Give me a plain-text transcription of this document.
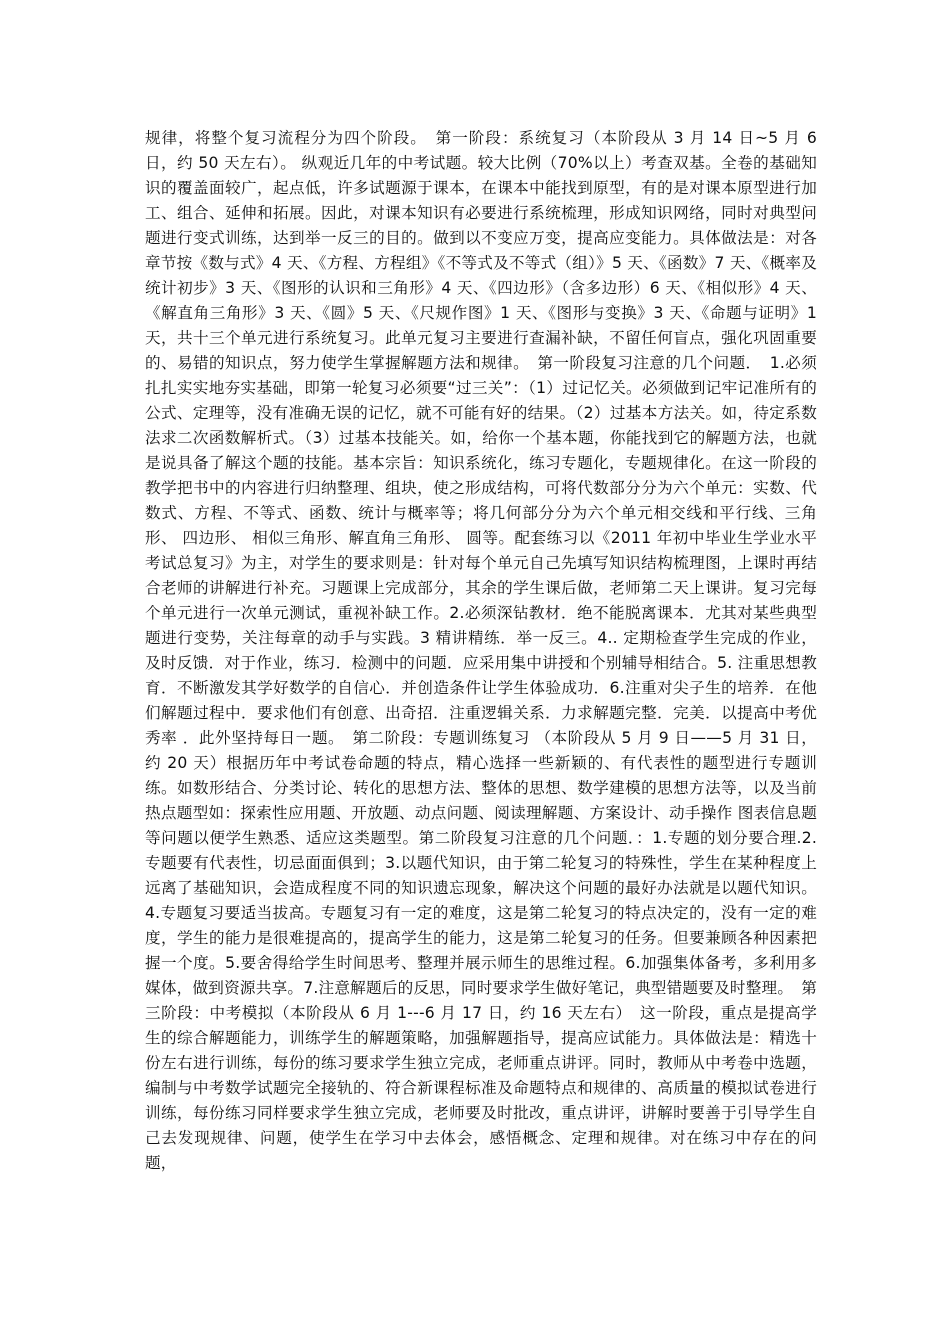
规律，将整个复习流程分为四个阶段。　第一阶段：系统复习（本阶段从 3 月 14 日~5 月 6 日，约 50 天左右）。 纵观近几年的中考试题。较大比例（70%以上）考查双基。全卷的基础知识的覆盖面较广，起点低，许多试题源于课本，在课本中能找到原型，有的是对课本原型进行加工、组合、延伸和拓展。因此，对课本知识有必要进行系统梳理，形成知识网络，同时对典型问题进行变式训练，达到举一反三的目的。做到以不变应万变，提高应变能力。具体做法是：对各章节按《数与式》4 天、《方程、方程组》《不等式及不等式（组）》5 天、《函数》7 天、《概率及统计初步》3 天、《图形的认识和三角形》4 天、《四边形》（含多边形）6 天、《相似形》4 天、《解直角三角形》3 天、《圆》5 天、《尺规作图》1 天、《图形与变换》3 天、《命题与证明》1 天，共十三个单元进行系统复习。此单元复习主要进行查漏补缺，不留任何盲点，强化巩固重要的、易错的知识点，努力使学生掌握解题方法和规律。　第一阶段复习注意的几个问题．　1.必须扎扎实实地夯实基础，即第一轮复习必须要“过三关”：（1）过记忆关。必须做到记牢记准所有的公式、定理等，没有准确无误的记忆，就不可能有好的结果。（2）过基本方法关。如，待定系数法求二次函数解析式。（3）过基本技能关。如，给你一个基本题，你能找到它的解题方法，也就是说具备了解这个题的技能。基本宗旨：知识系统化，练习专题化，专题规律化。在这一阶段的教学把书中的内容进行归纳整理、组块，使之形成结构，可将代数部分分为六个单元：实数、代数式、方程、不等式、函数、统计与概率等；将几何部分分为六个单元相交线和平行线、三角形、 四边形、 相似三角形、解直角三角形、 圆等。配套练习以《2011 年初中毕业生学业水平考试总复习》为主，对学生的要求则是：针对每个单元自己先填写知识结构梳理图，上课时再结合老师的讲解进行补充。习题课上完成部分，其余的学生课后做，老师第二天上课讲。复习完每个单元进行一次单元测试，重视补缺工作。2.必须深钻教材．绝不能脱离课本．尤其对某些典型题进行变势，关注每章的动手与实践。3 精讲精练．举一反三。4.. 定期检查学生完成的作业，及时反馈．对于作业，练习．检测中的问题．应采用集中讲授和个别辅导相结合。5. 注重思想教育．不断激发其学好数学的自信心．并创造条件让学生体验成功．6.注重对尖子生的培养．在他们解题过程中．要求他们有创意、出奇招．注重逻辑关系．力求解题完整．完美．以提高中考优秀率 ．此外坚持每日一题。　第二阶段：专题训练复习 （本阶段从 5 月 9 日——5 月 31 日，约 20 天）根据历年中考试卷命题的特点，精心选择一些新颖的、有代表性的题型进行专题训练。如数形结合、分类讨论、转化的思想方法、整体的思想、数学建模的思想方法等，以及当前热点题型如：探索性应用题、开放题、动点问题、阅读理解题、方案设计、动手操作 图表信息题等问题以便学生熟悉、适应这类题型。第二阶段复习注意的几个问题．：1.专题的划分要合理.2. 专题要有代表性，切忌面面俱到；3.以题代知识，由于第二轮复习的特殊性，学生在某种程度上远离了基础知识，会造成程度不同的知识遗忘现象，解决这个问题的最好办法就是以题代知识。4.专题复习要适当拔高。专题复习有一定的难度，这是第二轮复习的特点决定的，没有一定的难度，学生的能力是很难提高的，提高学生的能力，这是第二轮复习的任务。但要兼顾各种因素把握一个度。5.要舍得给学生时间思考、整理并展示师生的思维过程。6.加强集体备考，多利用多媒体，做到资源共享。7.注意解题后的反思，同时要求学生做好笔记，典型错题要及时整理。　第三阶段：中考模拟（本阶段从 6 月 1---6 月 17 日，约 16 天左右）　这一阶段，重点是提高学生的综合解题能力，训练学生的解题策略，加强解题指导，提高应试能力。具体做法是：精选十份左右进行训练，每份的练习要求学生独立完成，老师重点讲评。同时，教师从中考卷中选题，编制与中考数学试题完全接轨的、符合新课程标准及命题特点和规律的、高质量的模拟试卷进行训练，每份练习同样要求学生独立完成，老师要及时批改，重点讲评，讲解时要善于引导学生自己去发现规律、问题，使学生在学习中去体会，感悟概念、定理和规律。对在练习中存在的问题，
